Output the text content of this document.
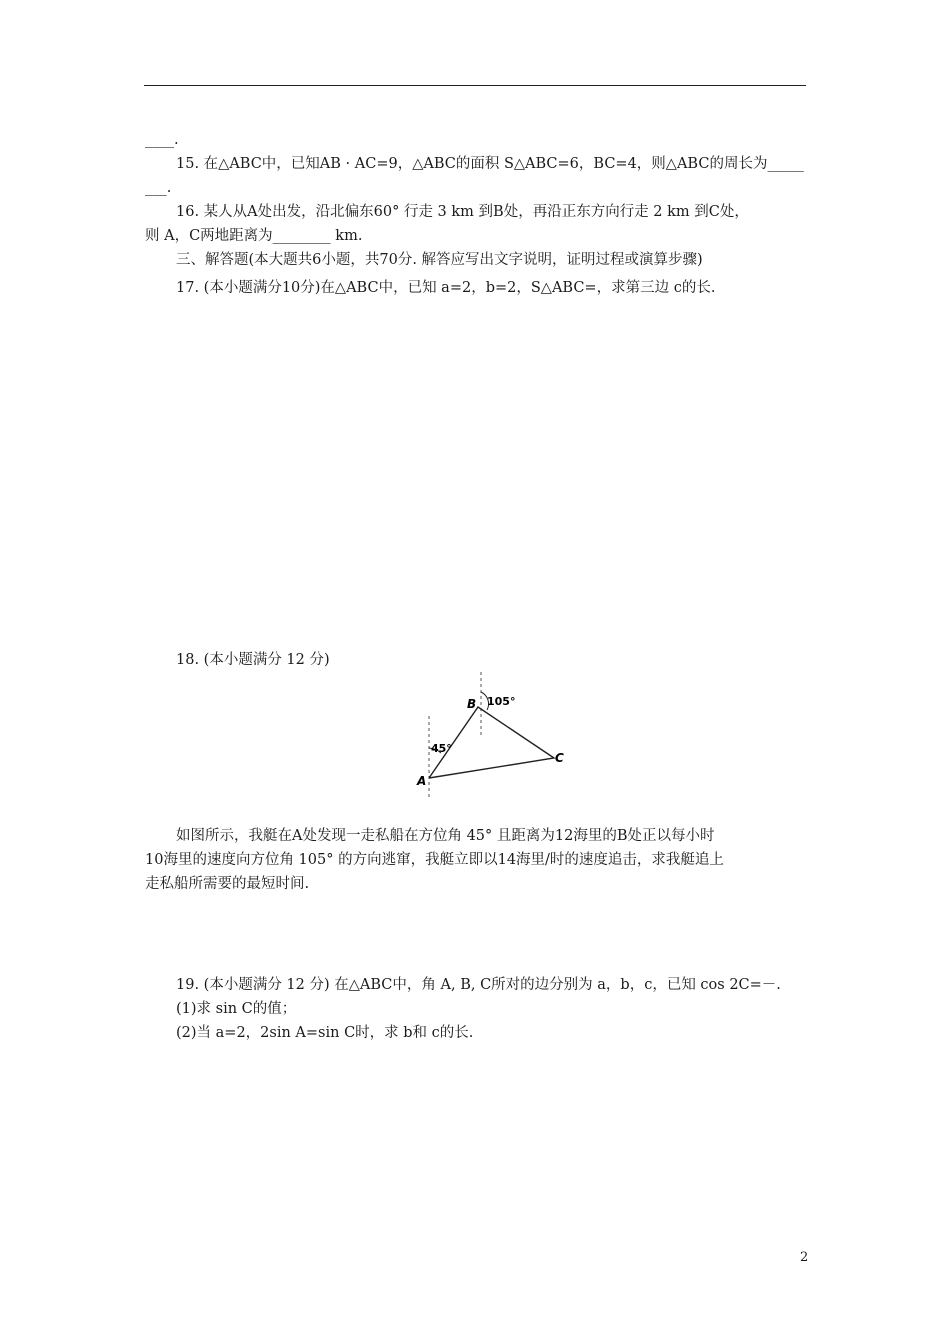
____.
15. 在△ABC中，已知AB · AC=9，△ABC的面积 S△ABC=6，BC=4，则△ABC的周长为_____
___.
16. 某人从A处出发，沿北偏东60° 行走 3 km 到B处，再沿正东方向行走 2 km 到C处，
则 A，C两地距离为________ km.
三、解答题(本大题共6小题，共70分. 解答应写出文字说明，证明过程或演算步骤)
17. (本小题满分10分)在△ABC中，已知 a=2，b=2，S△ABC=，求第三边 c的长.
18. (本小题满分 12 分)
A
B
C
45°
105°
如图所示，我艇在A处发现一走私船在方位角 45° 且距离为12海里的B处正以每小时
10海里的速度向方位角 105° 的方向逃窜，我艇立即以14海里/时的速度追击，求我艇追上
走私船所需要的最短时间.
19. (本小题满分 12 分) 在△ABC中，角 A, B, C所对的边分别为 a，b，c，已知 cos 2C=－.
(1)求 sin C的值；
(2)当 a=2，2sin A=sin C时，求 b和 c的长.
2
